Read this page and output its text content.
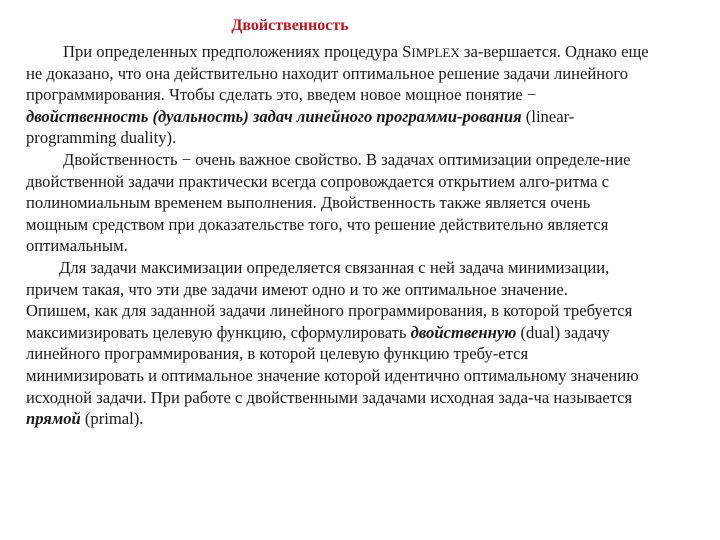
Двойственность
При определенных предположениях процедура SIMPLEX за-вершается. Однако еще
не доказано, что она действительно находит оптимальное решение задачи линейного
программирования. Чтобы сделать это, введем новое мощное понятие −
двойственность (дуальность) задач линейного программи-рования (linear-
programming duality).
Двойственность − очень важное свойство. В задачах оптимизации определе-ние
двойственной задачи практически всегда сопровождается открытием алго-ритма с
полиномиальным временем выполнения. Двойственность также является очень
мощным средством при доказательстве того, что решение действительно является
оптимальным.
Для задачи максимизации определяется связанная с ней задача минимизации,
причем такая, что эти две задачи имеют одно и то же оптимальное значение.
Опишем, как для заданной задачи линейного программирования, в которой требуется
максимизировать целевую функцию, сформулировать двойственную (dual) задачу
линейного программирования, в которой целевую функцию требу-ется
минимизировать и оптимальное значение которой идентично оптимальному значению
исходной задачи. При работе с двойственными задачами исходная зада-ча называется
прямой (primal).
